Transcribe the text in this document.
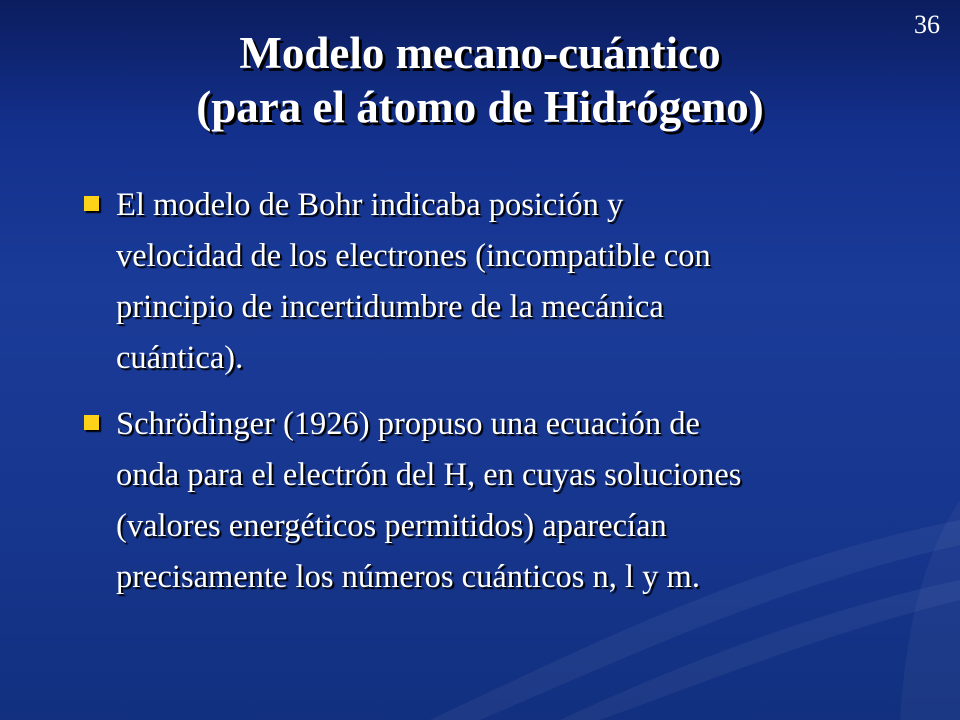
36
Modelo mecano-cuántico
(para el átomo de Hidrógeno)
El modelo de Bohr indicaba posición y
velocidad de los electrones (incompatible con
principio de incertidumbre de la mecánica
cuántica).
Schrödinger (1926) propuso una ecuación de
onda para el electrón del H, en cuyas soluciones
(valores energéticos permitidos) aparecían
precisamente los números cuánticos n, l y m.
